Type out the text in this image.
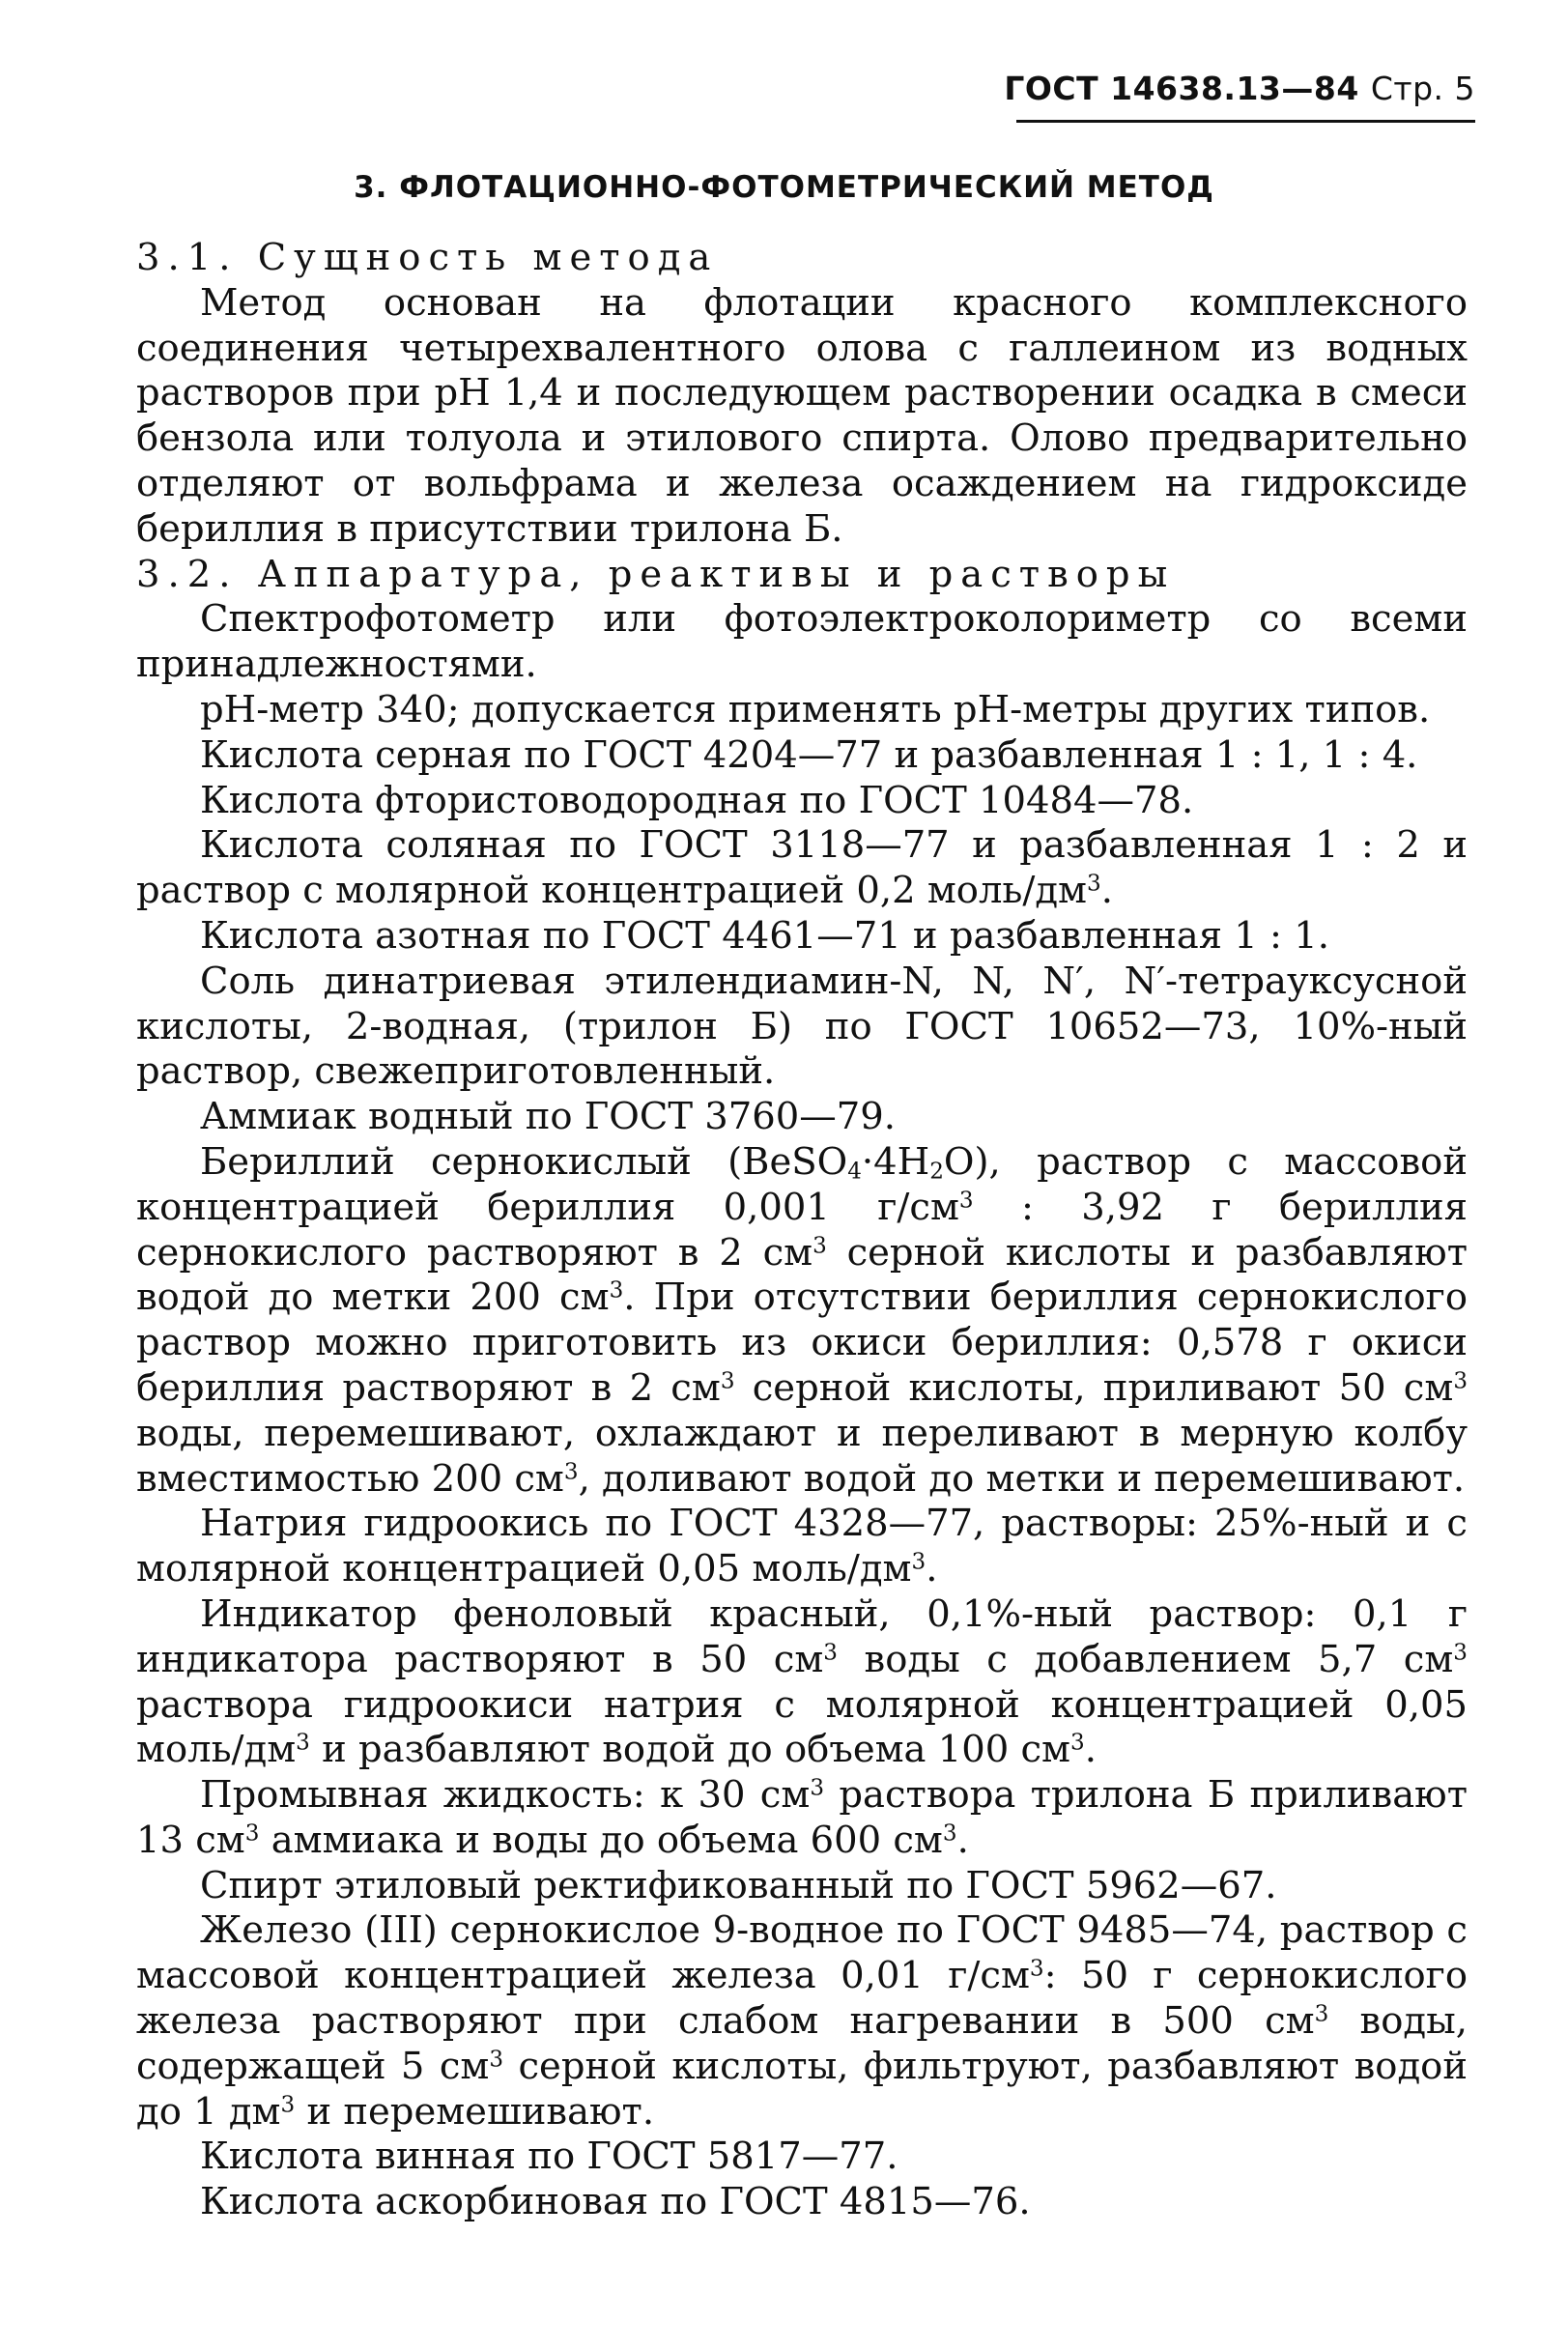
ГОСТ 14638.13—84 Стр. 5
3. ФЛОТАЦИОННО-ФОТОМЕТРИЧЕСКИЙ МЕТОД

3.1. Сущность метода

Метод основан на флотации красного комплексного соединения четырехвалентного олова с галлеином из водных растворов при pH 1,4 и последующем растворении осадка в смеси бензола или толуола и этилового спирта. Олово предварительно отделяют от вольфрама и железа осаждением на гидроксиде бериллия в присутствии трилона Б.

3.2. Аппаратура, реактивы и растворы

Спектрофотометр или фотоэлектроколориметр со всеми принадлежностями.

pH-метр 340; допускается применять pH-метры других типов.

Кислота серная по ГОСТ 4204—77 и разбавленная 1 : 1, 1 : 4.

Кислота фтористоводородная по ГОСТ 10484—78.

Кислота соляная по ГОСТ 3118—77 и разбавленная 1 : 2 и раствор с молярной концентрацией 0,2 моль/$дм^3$.

Кислота азотная по ГОСТ 4461—71 и разбавленная 1 : 1.

Соль динатриевая этилендиамин-N, N, N′, N′-тетрауксусной кислоты, 2-водная, (трилон Б) по ГОСТ 10652—73, 10%-ный раствор, свежеприготовленный.

Аммиак водный по ГОСТ 3760—79.

Бериллий сернокислый $(BeSO_4\cdot 4H_2O)$, раствор с массовой концентрацией бериллия 0,001 $г/см^3$ : 3,92 г бериллия сернокислого растворяют в 2 $см^3$ серной кислоты и разбавляют водой до метки 200 $см^3$. При отсутствии бериллия сернокислого раствор можно приготовить из окиси бериллия: 0,578 г окиси бериллия растворяют в 2 $см^3$ серной кислоты, приливают 50 $см^3$ воды, перемешивают, охлаждают и переливают в мерную колбу вместимостью 200 $см^3$, доливают водой до метки и перемешивают.

Натрия гидроокись по ГОСТ 4328—77, растворы: 25%-ный и с молярной концентрацией 0,05 моль/$дм^3$.

Индикатор феноловый красный, 0,1%-ный раствор: 0,1 г индикатора растворяют в 50 $см^3$ воды с добавлением 5,7 $см^3$ раствора гидроокиси натрия с молярной концентрацией 0,05 моль/$дм^3$ и разбавляют водой до объема 100 $см^3$.

Промывная жидкость: к 30 $см^3$ раствора трилона Б приливают 13 $см^3$ аммиака и воды до объема 600 $см^3$.

Спирт этиловый ректификованный по ГОСТ 5962—67.

Железо (III) сернокислое 9-водное по ГОСТ 9485—74, раствор с массовой концентрацией железа 0,01 $г/см^3$: 50 г сернокислого железа растворяют при слабом нагревании в 500 $см^3$ воды, содержащей 5 $см^3$ серной кислоты, фильтруют, разбавляют водой до 1 $дм^3$ и перемешивают.

Кислота винная по ГОСТ 5817—77.

Кислота аскорбиновая по ГОСТ 4815—76.
